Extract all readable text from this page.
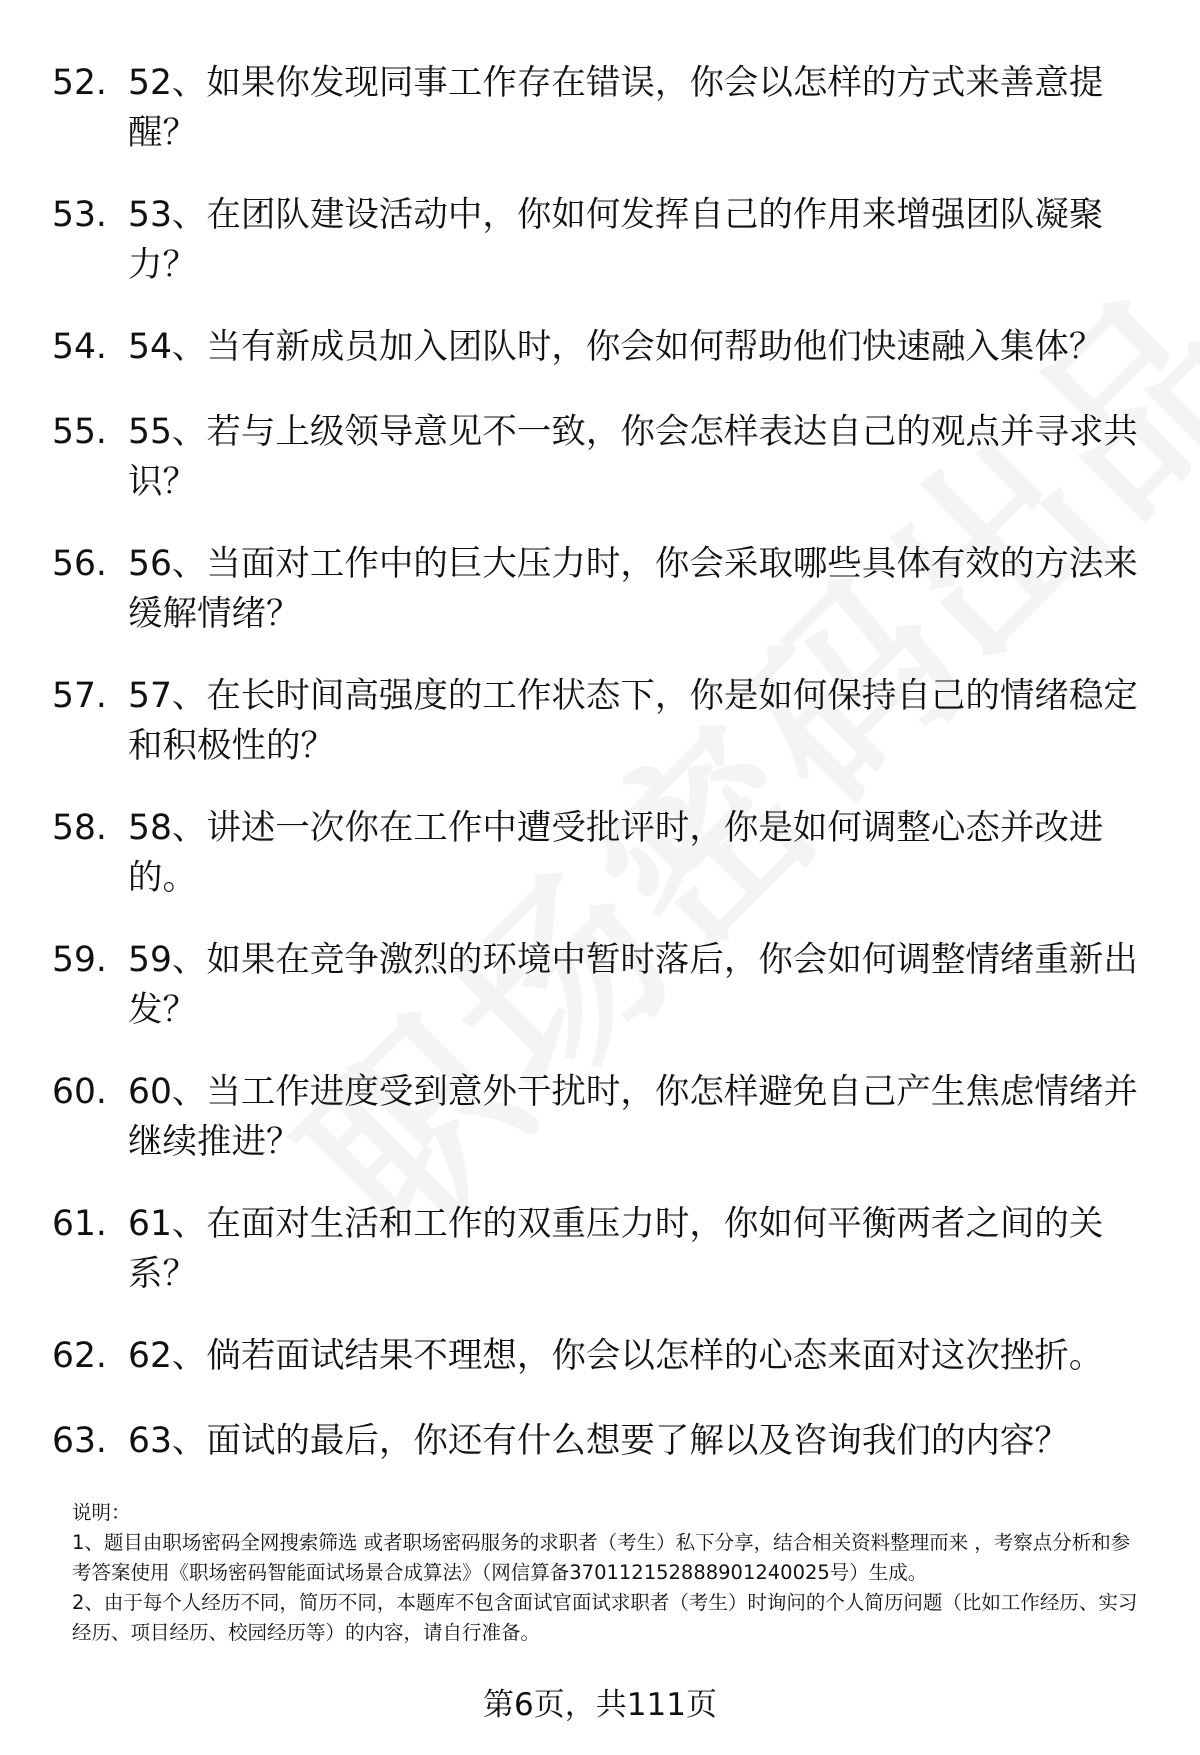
52. 52、如果你发现同事工作存在错误，你会以怎样的方式来善意提醒？
53. 53、在团队建设活动中，你如何发挥自己的作用来增强团队凝聚力？
54. 54、当有新成员加入团队时，你会如何帮助他们快速融入集体？
55. 55、若与上级领导意见不一致，你会怎样表达自己的观点并寻求共识？
56. 56、当面对工作中的巨大压力时，你会采取哪些具体有效的方法来缓解情绪？
57. 57、在长时间高强度的工作状态下，你是如何保持自己的情绪稳定和积极性的？
58. 58、讲述一次你在工作中遭受批评时，你是如何调整心态并改进的。
59. 59、如果在竞争激烈的环境中暂时落后，你会如何调整情绪重新出发？
60. 60、当工作进度受到意外干扰时，你怎样避免自己产生焦虑情绪并继续推进？
61. 61、在面对生活和工作的双重压力时，你如何平衡两者之间的关系？
62. 62、倘若面试结果不理想，你会以怎样的心态来面对这次挫折。
63. 63、面试的最后，你还有什么想要了解以及咨询我们的内容？

说明：

1、题目由职场密码全网搜索筛选 或者职场密码服务的求职者（考生）私下分享，结合相关资料整理而来 ，考察点分析和参考答案使用《职场密码智能面试场景合成算法》（网信算备370112152888901240025号）生成。

2、由于每个人经历不同，简历不同，本题库不包含面试官面试求职者（考生）时询问的个人简历问题（比如工作经历、实习经历、项目经历、校园经历等）的内容，请自行准备。

第6页，共111页
